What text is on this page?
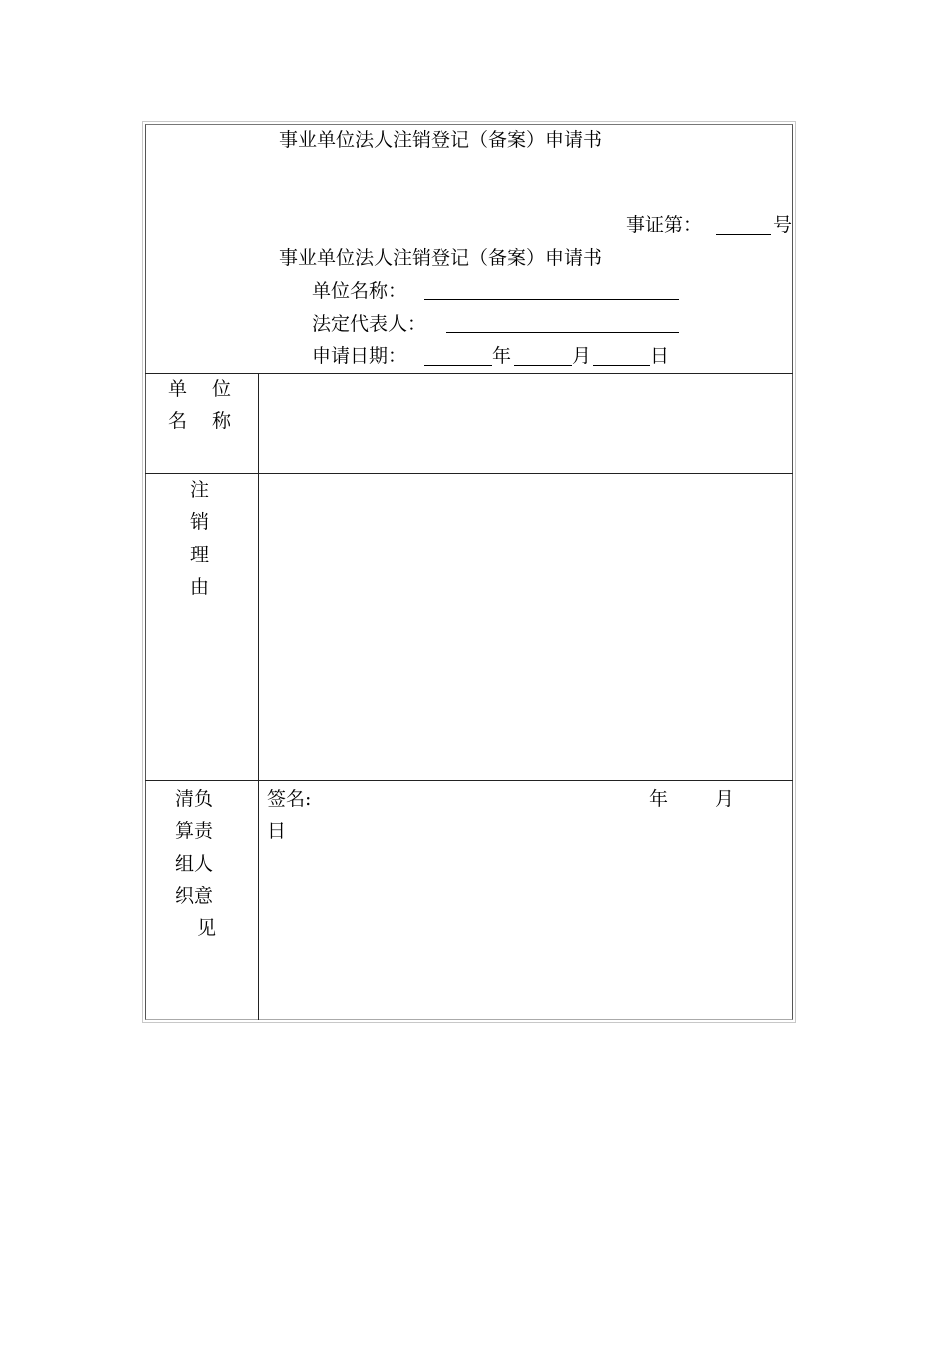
事业单位法人注销登记（备案）申请书
事证第：	号
事业单位法人注销登记（备案）申请书
单位名称：
法定代表人：
申请日期：	年	月	日
单 位
名 称
注
销
理
由
清负
算责
组人
织意
见
签名:	年 月
日
